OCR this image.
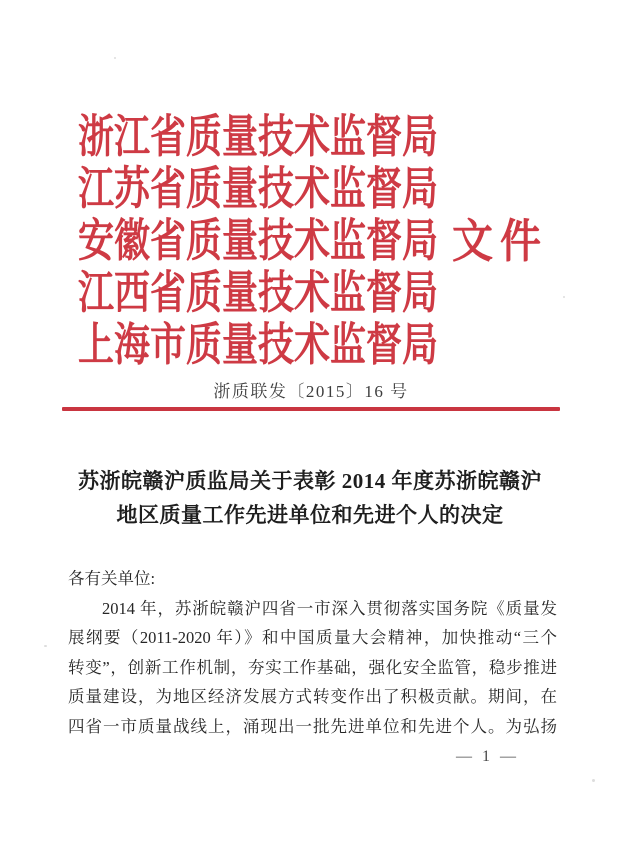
浙江省质量技术监督局
江苏省质量技术监督局
安徽省质量技术监督局 文件
江西省质量技术监督局
上海市质量技术监督局
浙质联发〔2015〕16 号
苏浙皖赣沪质监局关于表彰 2014 年度苏浙皖赣沪
地区质量工作先进单位和先进个人的决定
各有关单位:
2014 年，苏浙皖赣沪四省一市深入贯彻落实国务院《质量发
展纲要（2011-2020 年）》和中国质量大会精神，加快推动“三个
转变”，创新工作机制，夯实工作基础，强化安全监管，稳步推进
质量建设，为地区经济发展方式转变作出了积极贡献。期间，在
四省一市质量战线上，涌现出一批先进单位和先进个人。为弘扬
— 1 —
